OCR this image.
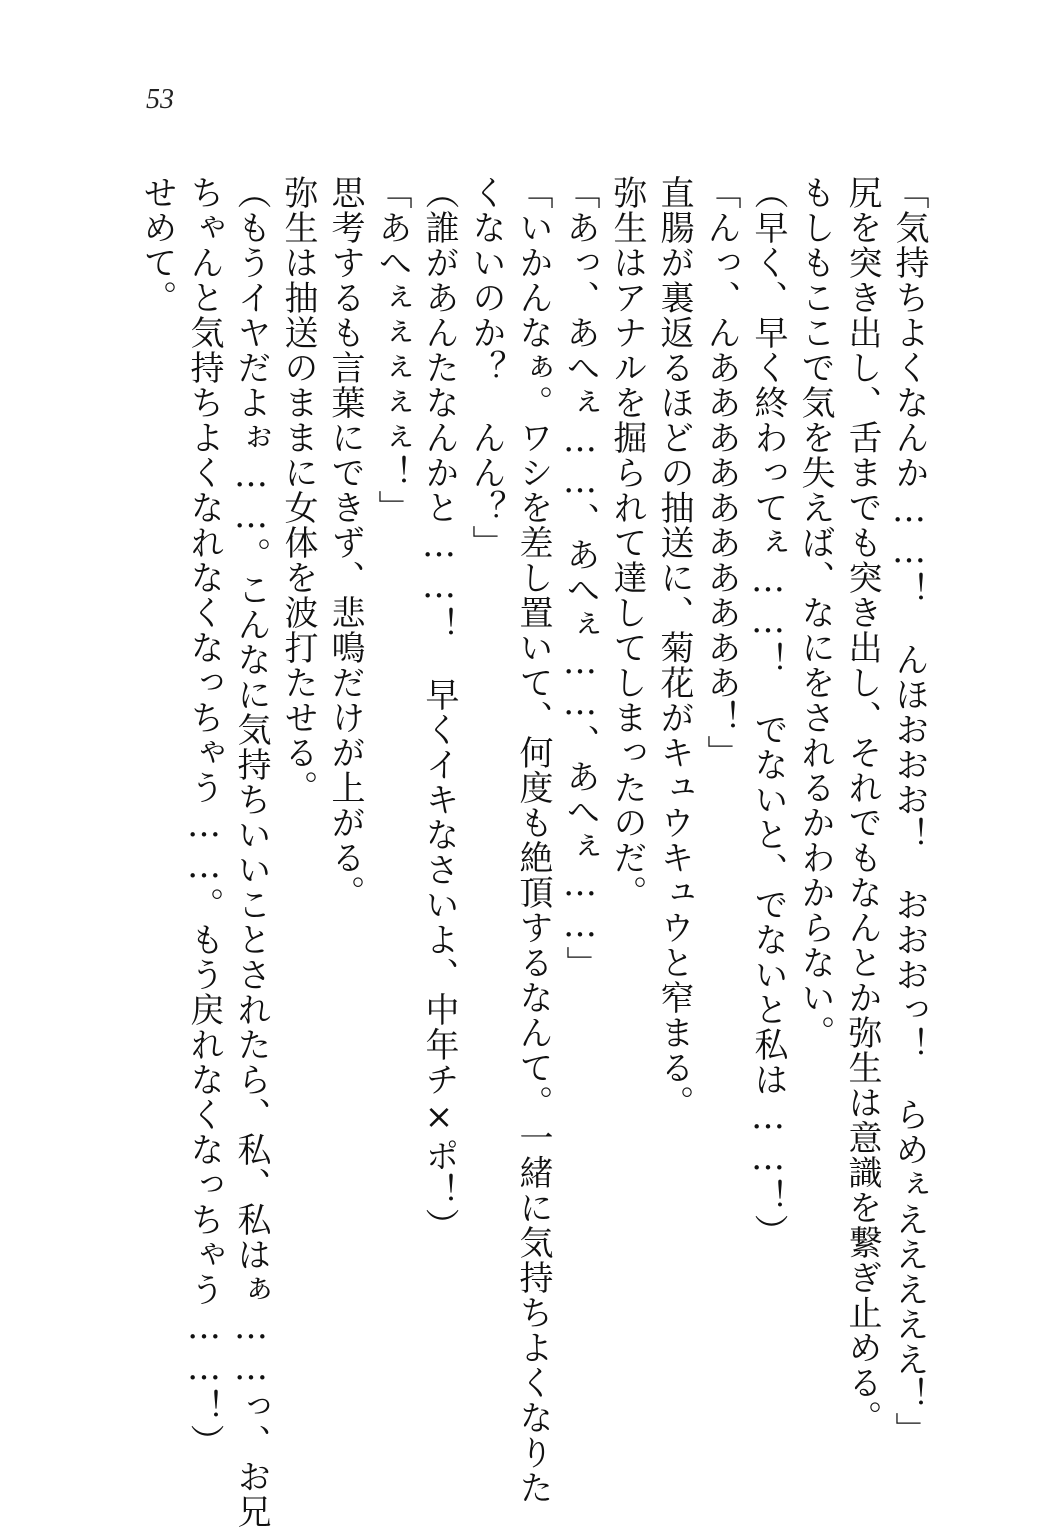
53
「気持ちよくなんか……！　んほおおお！　おおおっ！　らめぇえええええ！」
尻を突き出し、舌までも突き出し、それでもなんとか弥生は意識を繋ぎ止める。
もしもここで気を失えば、なにをされるかわからない。
（早く、早く終わってぇ……！　でないと、でないと私は……！）
「んっ、んああああああああああ！」
直腸が裏返るほどの抽送に、菊花がキュウキュウと窄まる。
弥生はアナルを掘られて達してしまったのだ。
「あっ、あへぇ……、あへぇ……、あへぇ……」
「いかんなぁ。ワシを差し置いて、何度も絶頂するなんて。一緒に気持ちよくなりた
くないのか？　んん？」
（誰があんたなんかと……！　早くイキなさいよ、中年チ×ポ！）
「あへぇぇぇぇぇ！」
思考するも言葉にできず、悲鳴だけが上がる。
弥生は抽送のままに女体を波打たせる。
（もうイヤだよぉ……。こんなに気持ちいいことされたら、私、私はぁ……っ、お兄
ちゃんと気持ちよくなれなくなっちゃう……。もう戻れなくなっちゃう……！）
せめて。
